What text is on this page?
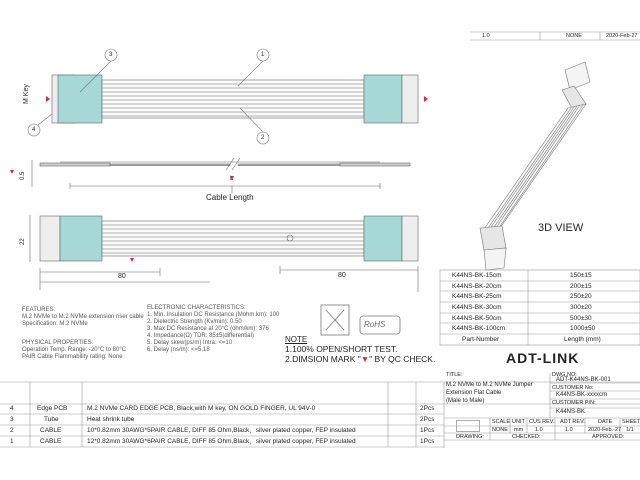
M Key
3	1
2
4
0.5	L
Cable Length
22
80	80
3D VIEW
1.0	NONE	2020-Feb-27
FEATURES:
M.2 NVMe to M.2 NVMe extension riser cable
Specification: M.2 NVMe
PHYSICAL PROPERTIES:
Operation Temp. Range: -20°C to 80°C
PAIR Cable Flammability rating: None
ELECTRONIC CHARACTERISTICS:
1. Min. Insulation DC Resistance (Mohm.km): 100
2. Dielectric Strength (Kv/min): 0.50
3. Max DC Resistance at 20°C (ohm/km): 376
4. Impedance(Ω) TDR: 85±5(differential)
5. Delay skew(ps/m) Intra: <=10
6. Delay (ns/m): <=5.18
RoHS
NOTE
1.100% OPEN/SHORT TEST.
2.DIMSION MARK "▼" BY QC CHECK.
K44NS-BK-15cm	150±15
K44NS-BK-20cm	200±15
K44NS-BK-25cm	250±20
K44NS-BK-30cm	300±20
K44NS-BK-50cm	500±30
K44NS-BK-100cm	1000±50
Part-Number	Length (mm)
ADT-LINK
TITLE:
M.2 NVMe to M.2 NVMe Jumper
Extension Flat Cable
(Male to Male)
DWG.NO:
ADT-K44NS-BK-001
CUSTOMER No:
K44NS-BK-xxxxcm
CUSTOMER P/N:
K44NS-BK
SCALE UNIT CUS REV. ADT REV. DATE SHEET
NONE mm 1.0	1.0	2020-Feb.-27 1/1
DRAWING:	CHECKED:	APPROVED:
4	Edge PCB	M.2 NVMe CARD EDGE PCB, Black,with M key, ON GOLD FINGER, UL 94V-0	2Pcs
3	Tube	Heat shrink tube	2Pcs
2	CABLE	10*0.82mm 30AWG*5PAIR CABLE, DIFF 85 Ohm,Black，silver plated copper, FEP insulated	1Pcs
1	CABLE	12*0.82mm 30AWG*6PAIR CABLE, DIFF 85 Ohm,Black，silver plated copper, FEP insulated	1Pcs
